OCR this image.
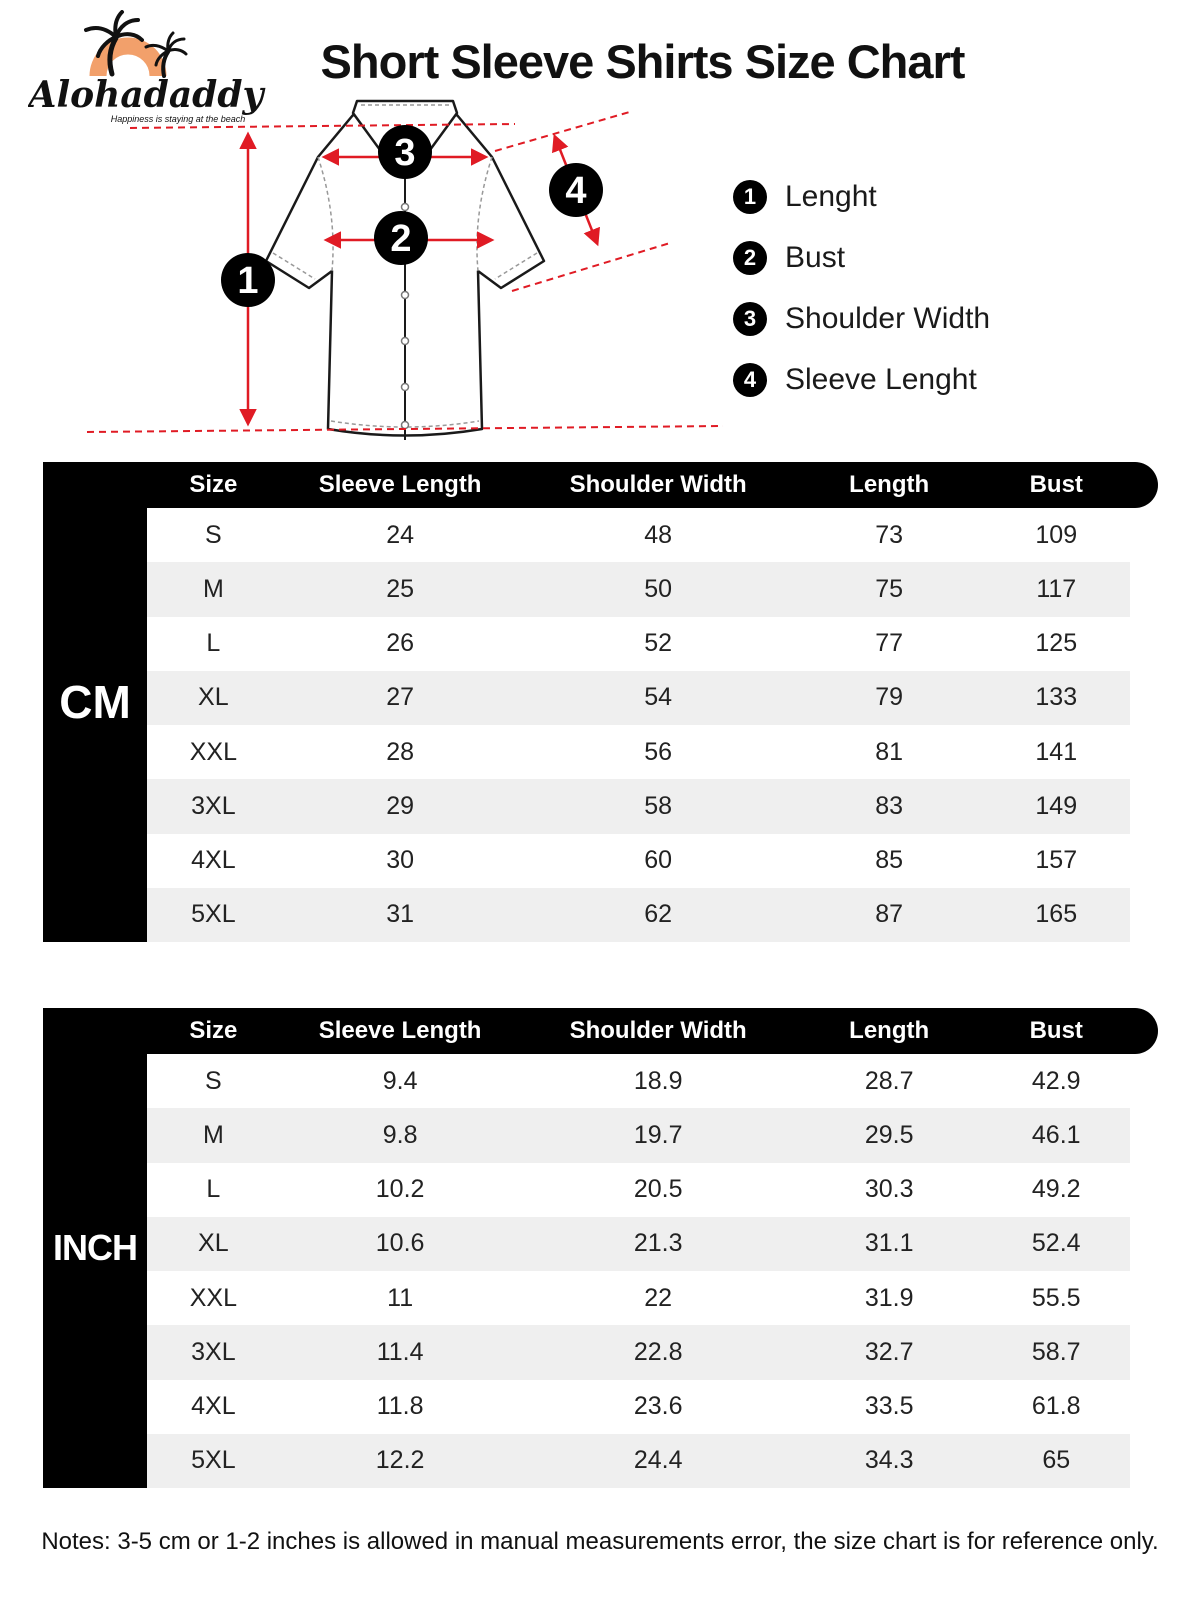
Alohadaddy
Happiness is staying at the beach
Short Sleeve Shirts Size Chart
1
2
3
4	1 Lenght
2 Bust
3 Shoulder Width
4 Sleeve Lenght
CM
Size	Sleeve Length	Shoulder Width	Length	Bust
S	24	48	73	109
M	25	50	75	117
L	26	52	77	125
XL	27	54	79	133
XXL	28	56	81	141
3XL	29	58	83	149
4XL	30	60	85	157
5XL	31	62	87	165
INCH
Size	Sleeve Length	Shoulder Width	Length	Bust
S	9.4	18.9	28.7	42.9
M	9.8	19.7	29.5	46.1
L	10.2	20.5	30.3	49.2
XL	10.6	21.3	31.1	52.4
XXL	11	22	31.9	55.5
3XL	11.4	22.8	32.7	58.7
4XL	11.8	23.6	33.5	61.8
5XL	12.2	24.4	34.3	65

Notes: 3-5 cm or 1-2 inches is allowed in manual measurements error, the size chart is for reference only.
